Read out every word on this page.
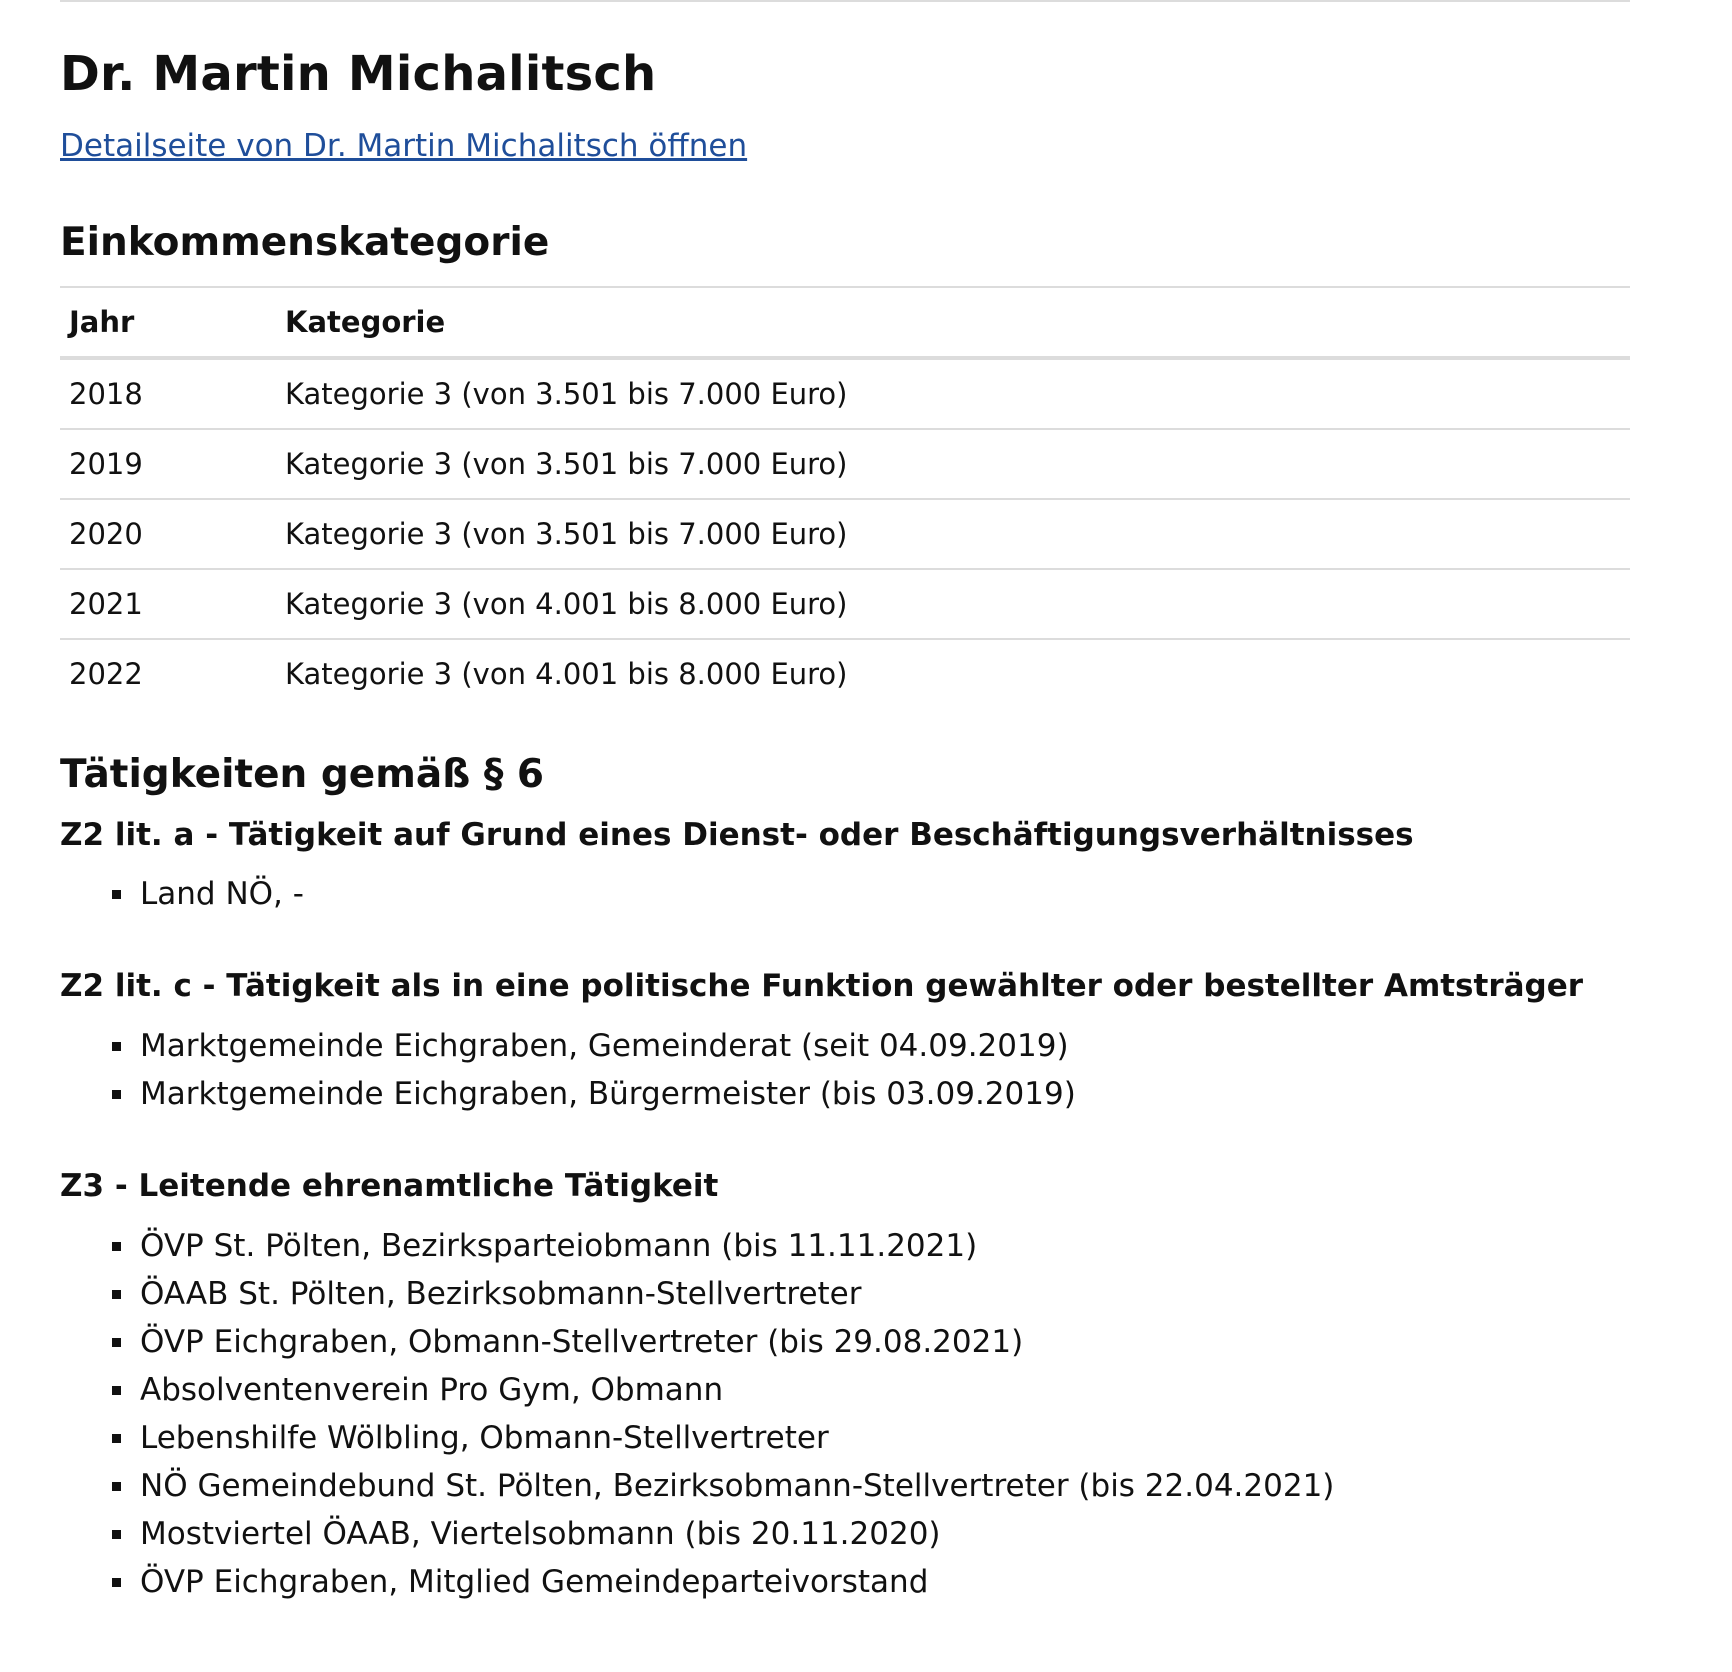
Dr. Martin Michalitsch
Detailseite von Dr. Martin Michalitsch öffnen
Einkommenskategorie
Jahr	Kategorie
2018	Kategorie 3 (von 3.501 bis 7.000 Euro)
2019	Kategorie 3 (von 3.501 bis 7.000 Euro)
2020	Kategorie 3 (von 3.501 bis 7.000 Euro)
2021	Kategorie 3 (von 4.001 bis 8.000 Euro)
2022	Kategorie 3 (von 4.001 bis 8.000 Euro)
Tätigkeiten gemäß § 6
Z2 lit. a - Tätigkeit auf Grund eines Dienst- oder Beschäftigungsverhältnisses
Land NÖ, -
Z2 lit. c - Tätigkeit als in eine politische Funktion gewählter oder bestellter Amtsträger
Marktgemeinde Eichgraben, Gemeinderat (seit 04.09.2019)
Marktgemeinde Eichgraben, Bürgermeister (bis 03.09.2019)
Z3 - Leitende ehrenamtliche Tätigkeit
ÖVP St. Pölten, Bezirksparteiobmann (bis 11.11.2021)
ÖAAB St. Pölten, Bezirksobmann-Stellvertreter
ÖVP Eichgraben, Obmann-Stellvertreter (bis 29.08.2021)
Absolventenverein Pro Gym, Obmann
Lebenshilfe Wölbling, Obmann-Stellvertreter
NÖ Gemeindebund St. Pölten, Bezirksobmann-Stellvertreter (bis 22.04.2021)
Mostviertel ÖAAB, Viertelsobmann (bis 20.11.2020)
ÖVP Eichgraben, Mitglied Gemeindeparteivorstand
